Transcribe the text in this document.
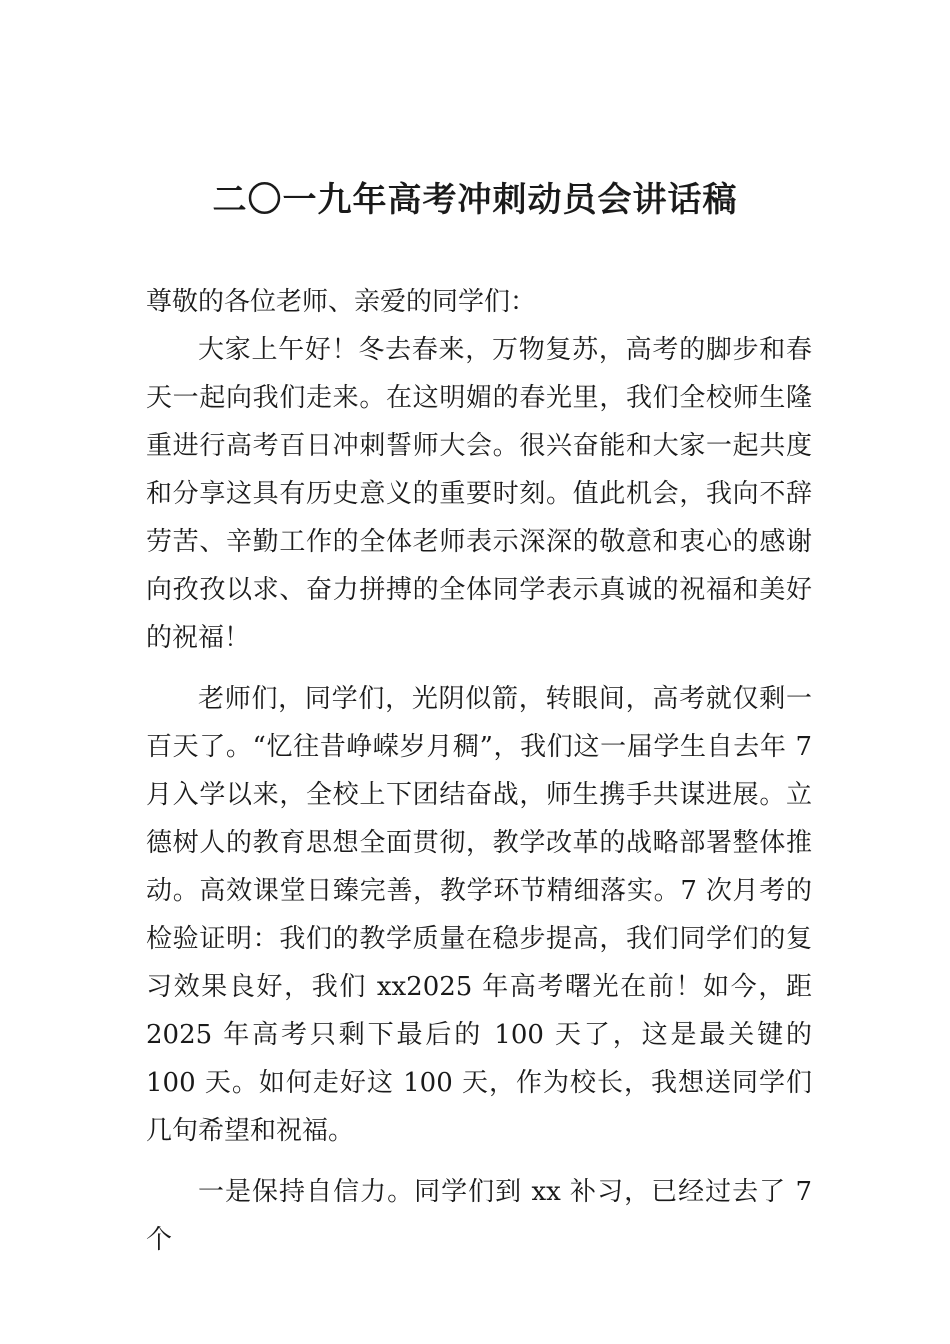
二〇一九年高考冲刺动员会讲话稿

尊敬的各位老师、亲爱的同学们：

大家上午好！冬去春来，万物复苏，高考的脚步和春天一起向我们走来。在这明媚的春光里，我们全校师生隆重进行高考百日冲刺誓师大会。很兴奋能和大家一起共度和分享这具有历史意义的重要时刻。值此机会，我向不辞劳苦、辛勤工作的全体老师表示深深的敬意和衷心的感谢向孜孜以求、奋力拼搏的全体同学表示真诚的祝福和美好的祝福！

老师们，同学们，光阴似箭，转眼间，高考就仅剩一百天了。“忆往昔峥嵘岁月稠”，我们这一届学生自去年 7 月入学以来，全校上下团结奋战，师生携手共谋进展。立德树人的教育思想全面贯彻，教学改革的战略部署整体推动。高效课堂日臻完善，教学环节精细落实。7 次月考的检验证明：我们的教学质量在稳步提高，我们同学们的复习效果良好，我们 xx2025 年高考曙光在前！如今，距 2025 年高考只剩下最后的 100 天了，这是最关键的 100 天。如何走好这 100 天，作为校长，我想送同学们几句希望和祝福。

一是保持自信力。同学们到 xx 补习，已经过去了 7 个
